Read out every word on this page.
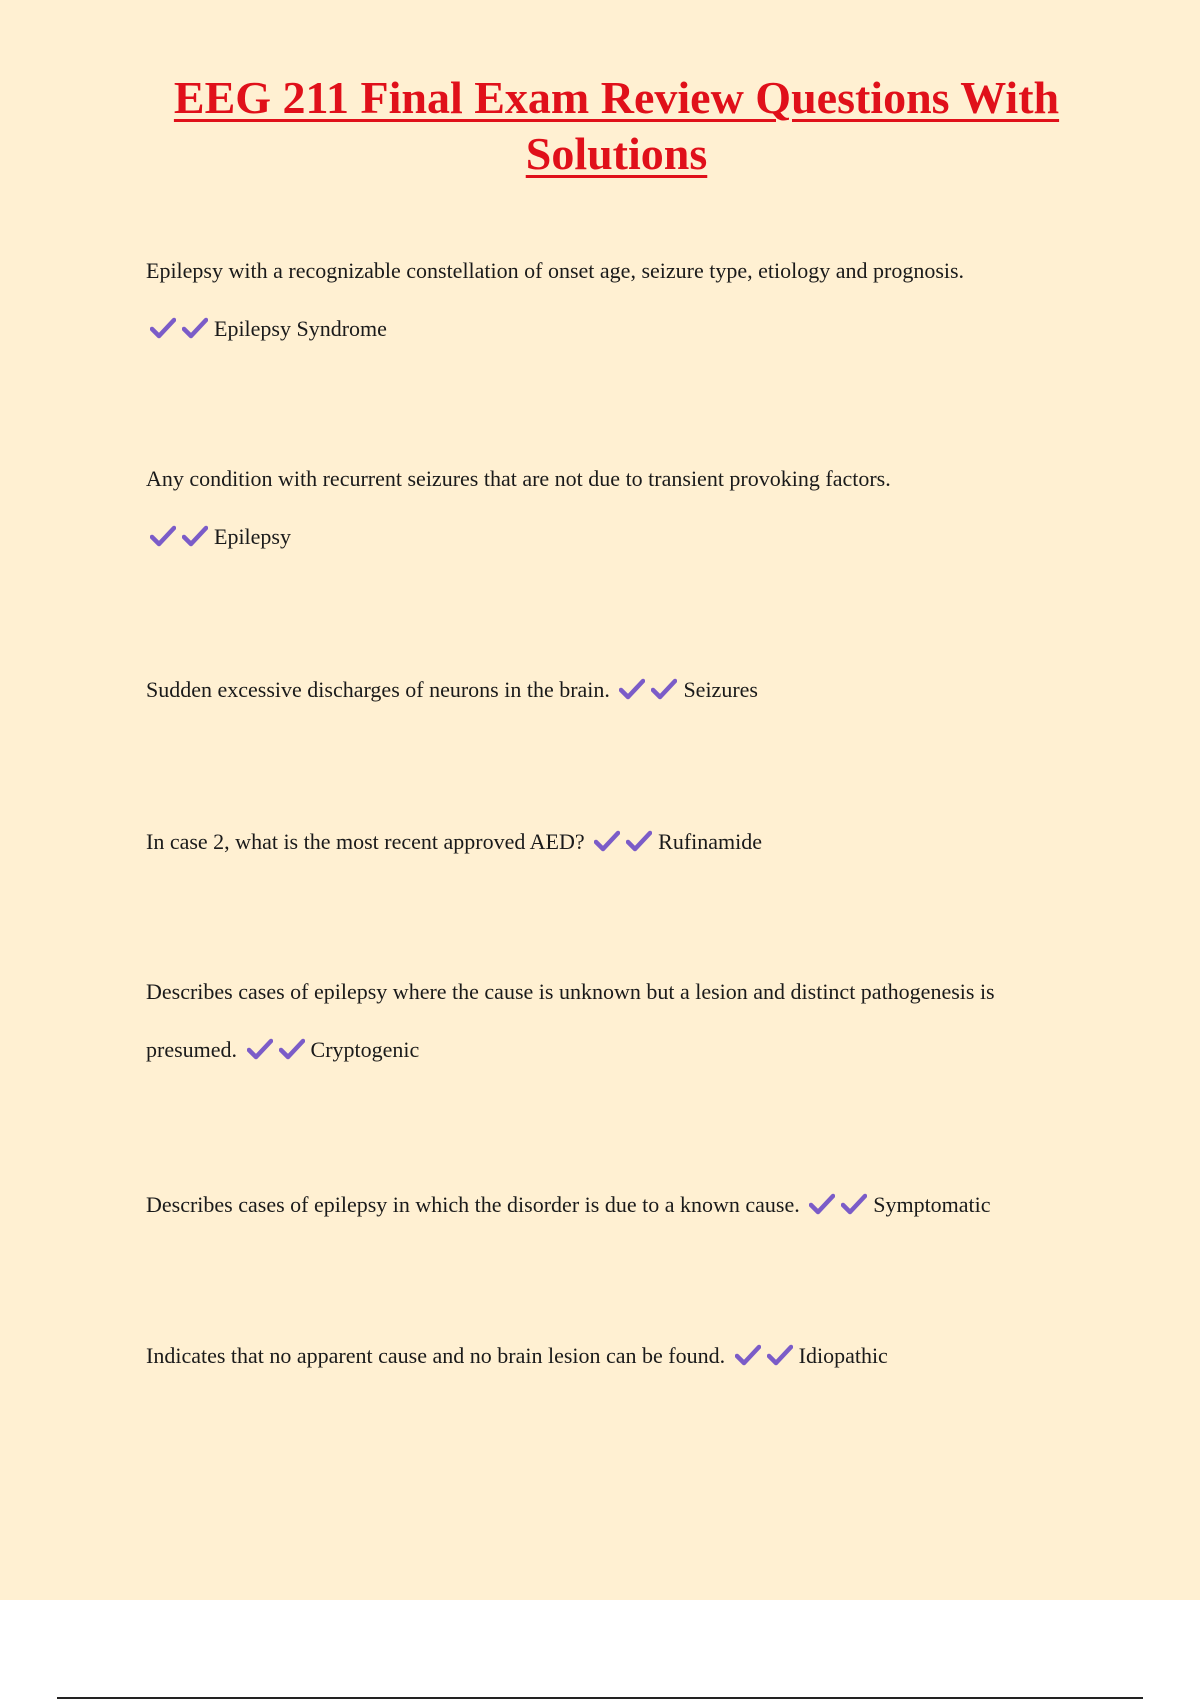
EEG 211 Final Exam Review Questions With Solutions
Epilepsy with a recognizable constellation of onset age, seizure type, etiology and prognosis.
Epilepsy Syndrome
Any condition with recurrent seizures that are not due to transient provoking factors.
Epilepsy
Sudden excessive discharges of neurons in the brain.	Seizures
In case 2, what is the most recent approved AED?	Rufinamide
Describes cases of epilepsy where the cause is unknown but a lesion and distinct pathogenesis is presumed.	Cryptogenic
Describes cases of epilepsy in which the disorder is due to a known cause.	Symptomatic
Indicates that no apparent cause and no brain lesion can be found.	Idiopathic
